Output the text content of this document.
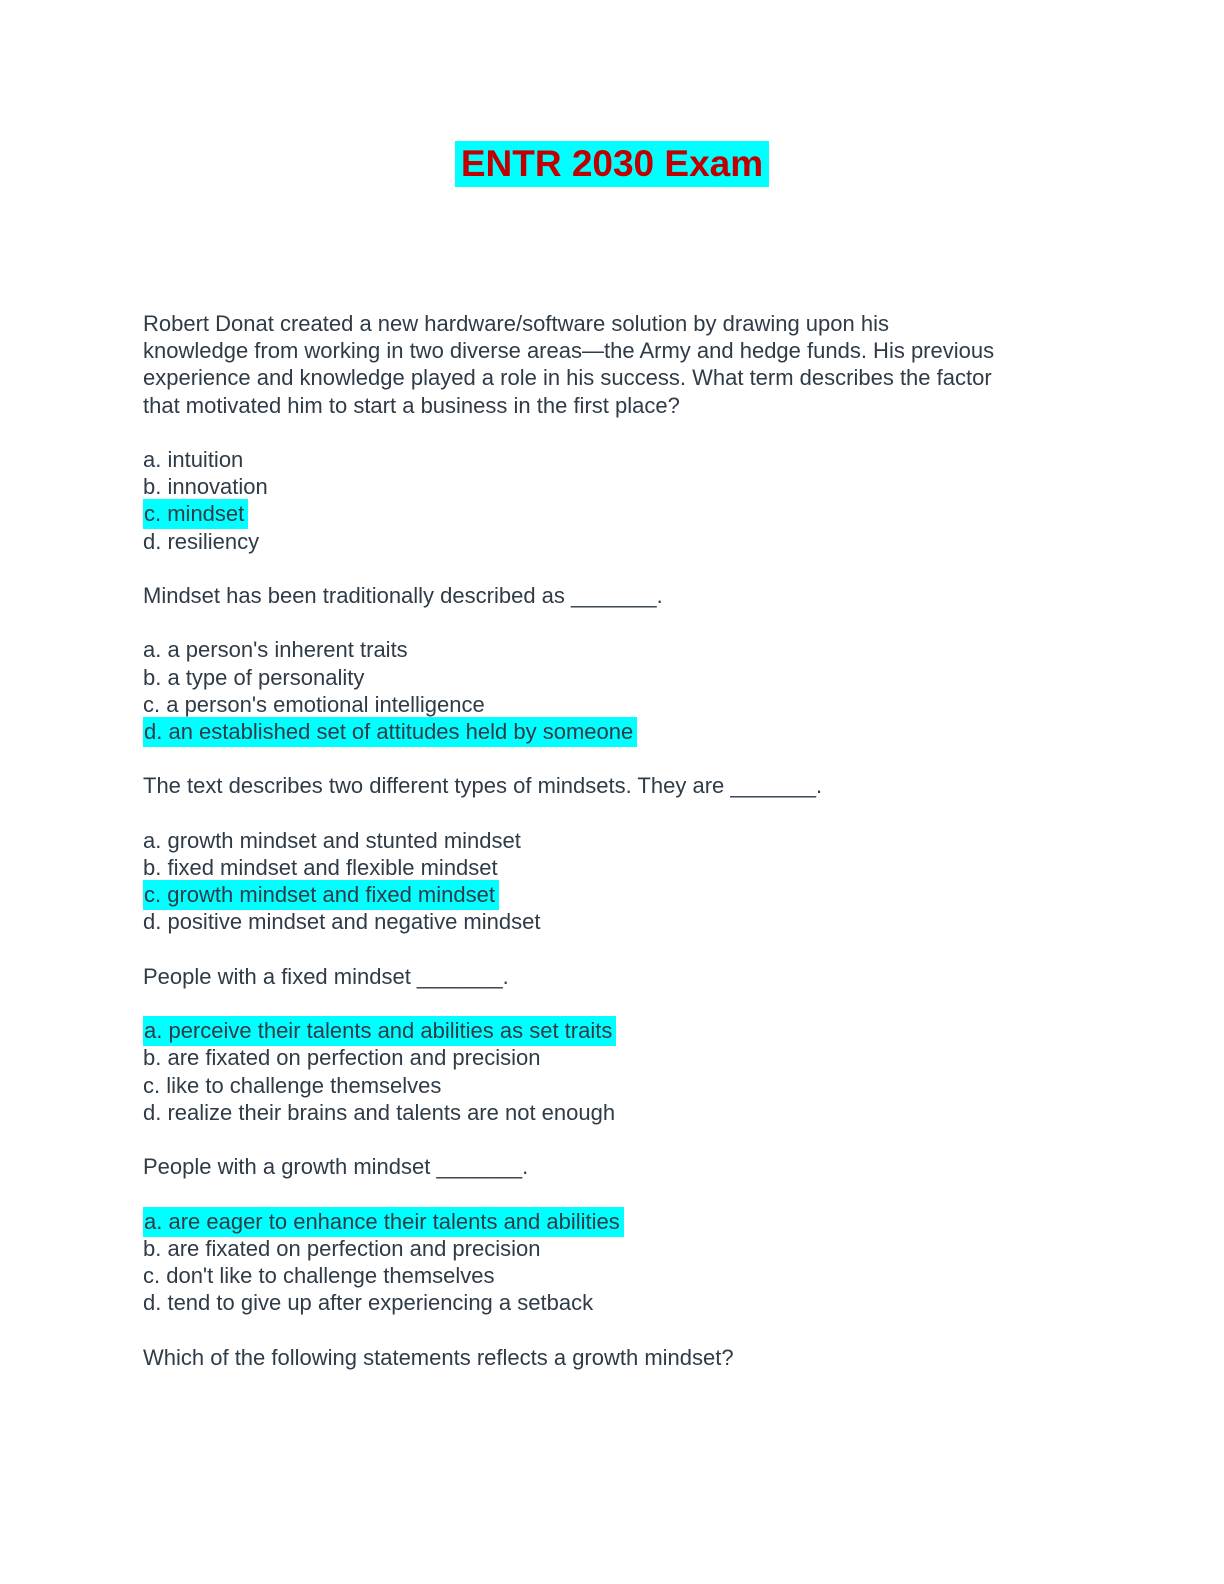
ENTR 2030 Exam
Robert Donat created a new hardware/software solution by drawing upon his
knowledge from working in two diverse areas—the Army and hedge funds. His previous
experience and knowledge played a role in his success. What term describes the factor
that motivated him to start a business in the first place?
a. intuition
b. innovation
c. mindset
d. resiliency
Mindset has been traditionally described as _______.
a. a person's inherent traits
b. a type of personality
c. a person's emotional intelligence
d. an established set of attitudes held by someone
The text describes two different types of mindsets. They are _______.
a. growth mindset and stunted mindset
b. fixed mindset and flexible mindset
c. growth mindset and fixed mindset
d. positive mindset and negative mindset
People with a fixed mindset _______.
a. perceive their talents and abilities as set traits
b. are fixated on perfection and precision
c. like to challenge themselves
d. realize their brains and talents are not enough
People with a growth mindset _______.
a. are eager to enhance their talents and abilities
b. are fixated on perfection and precision
c. don't like to challenge themselves
d. tend to give up after experiencing a setback
Which of the following statements reflects a growth mindset?
